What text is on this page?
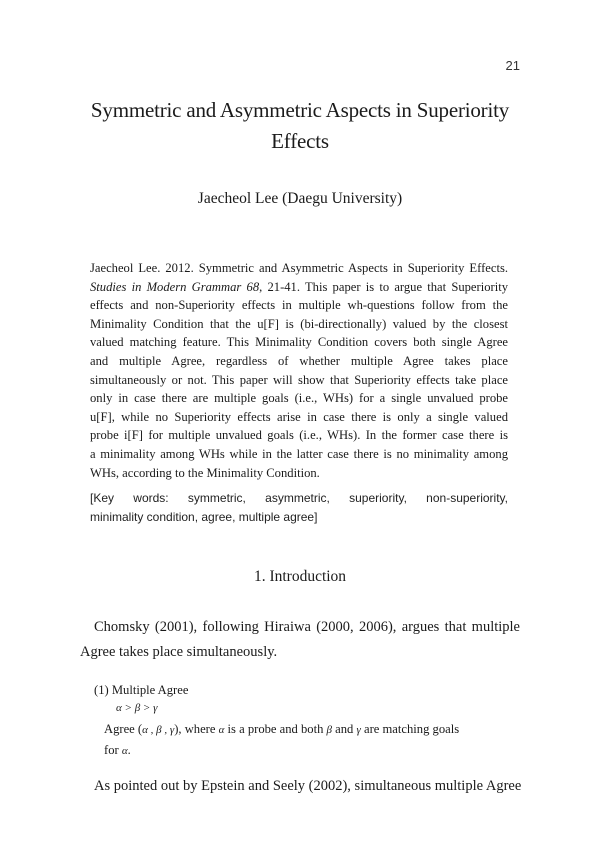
21
Symmetric and Asymmetric Aspects in Superiority
Effects
Jaecheol Lee (Daegu University)
Jaecheol Lee. 2012. Symmetric and Asymmetric Aspects in Superiority Effects.
Studies in Modern Grammar 68, 21-41. This paper is to argue that Superiority
effects and non-Superiority effects in multiple wh-questions follow from the
Minimality Condition that the u[F] is (bi-directionally) valued by the closest
valued matching feature. This Minimality Condition covers both single Agree
and multiple Agree, regardless of whether multiple Agree takes place
simultaneously or not. This paper will show that Superiority effects take place
only in case there are multiple goals (i.e., WHs) for a single unvalued probe
u[F], while no Superiority effects arise in case there is only a single valued
probe i[F] for multiple unvalued goals (i.e., WHs). In the former case there is
a minimality among WHs while in the latter case there is no minimality among
WHs, according to the Minimality Condition.
[Key words: symmetric, asymmetric, superiority, non-superiority,
minimality condition, agree, multiple agree]
1. Introduction
Chomsky (2001), following Hiraiwa (2000, 2006), argues that multiple
Agree takes place simultaneously.
(1) Multiple Agree
α > β > γ
Agree (α , β , γ), where α is a probe and both β and γ are matching goals
for α.
As pointed out by Epstein and Seely (2002), simultaneous multiple Agree
